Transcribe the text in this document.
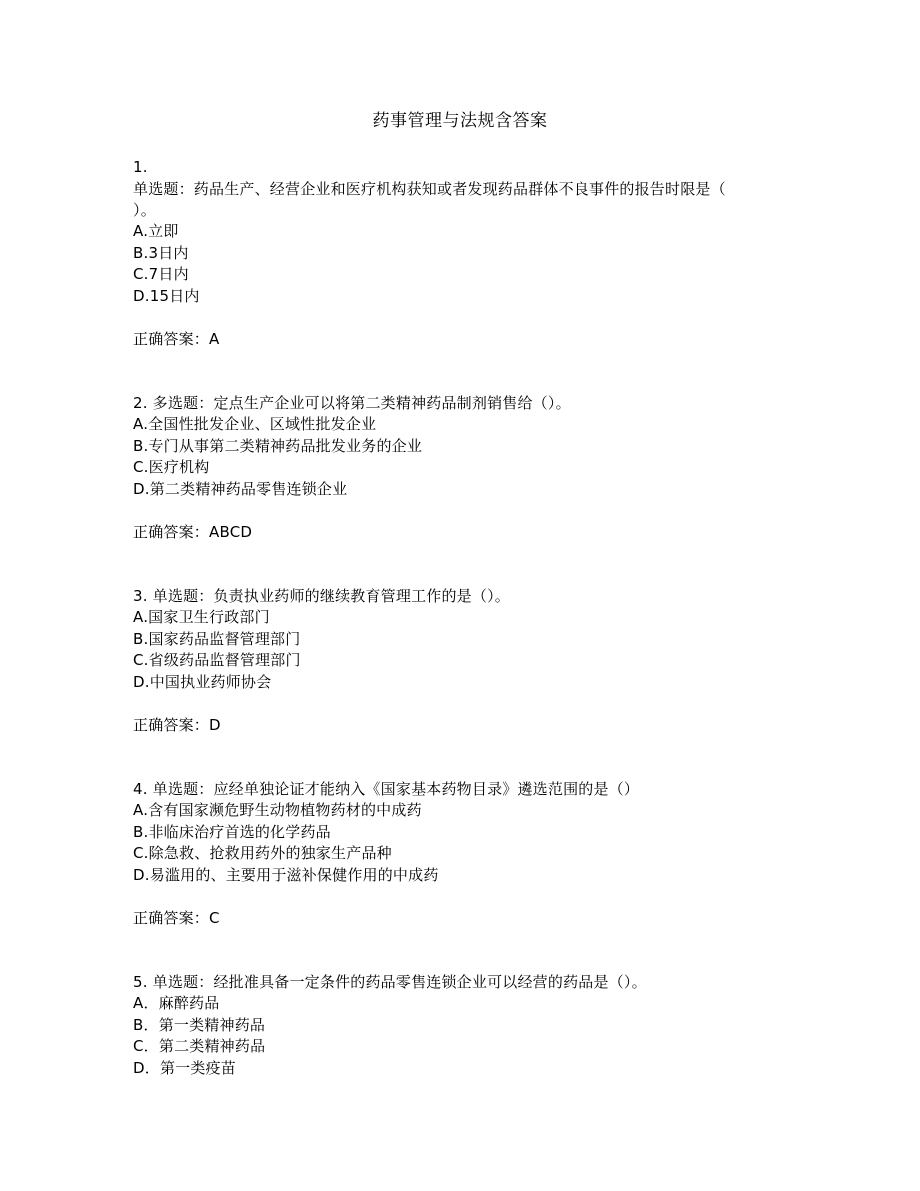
药事管理与法规含答案
1.
单选题：药品生产、经营企业和医疗机构获知或者发现药品群体不良事件的报告时限是（
）。
A.立即
B.3日内
C.7日内
D.15日内
正确答案：A
2. 多选题：定点生产企业可以将第二类精神药品制剂销售给（）。
A.全国性批发企业、区域性批发企业
B.专门从事第二类精神药品批发业务的企业
C.医疗机构
D.第二类精神药品零售连锁企业
正确答案：ABCD
3. 单选题：负责执业药师的继续教育管理工作的是（）。
A.国家卫生行政部门
B.国家药品监督管理部门
C.省级药品监督管理部门
D.中国执业药师协会
正确答案：D
4. 单选题：应经单独论证才能纳入《国家基本药物目录》遴选范围的是（）
A.含有国家濒危野生动物植物药材的中成药
B.非临床治疗首选的化学药品
C.除急救、抢救用药外的独家生产品种
D.易滥用的、主要用于滋补保健作用的中成药
正确答案：C
5. 单选题：经批准具备一定条件的药品零售连锁企业可以经营的药品是（）。
A．麻醉药品
B．第一类精神药品
C．第二类精神药品
D．第一类疫苗
